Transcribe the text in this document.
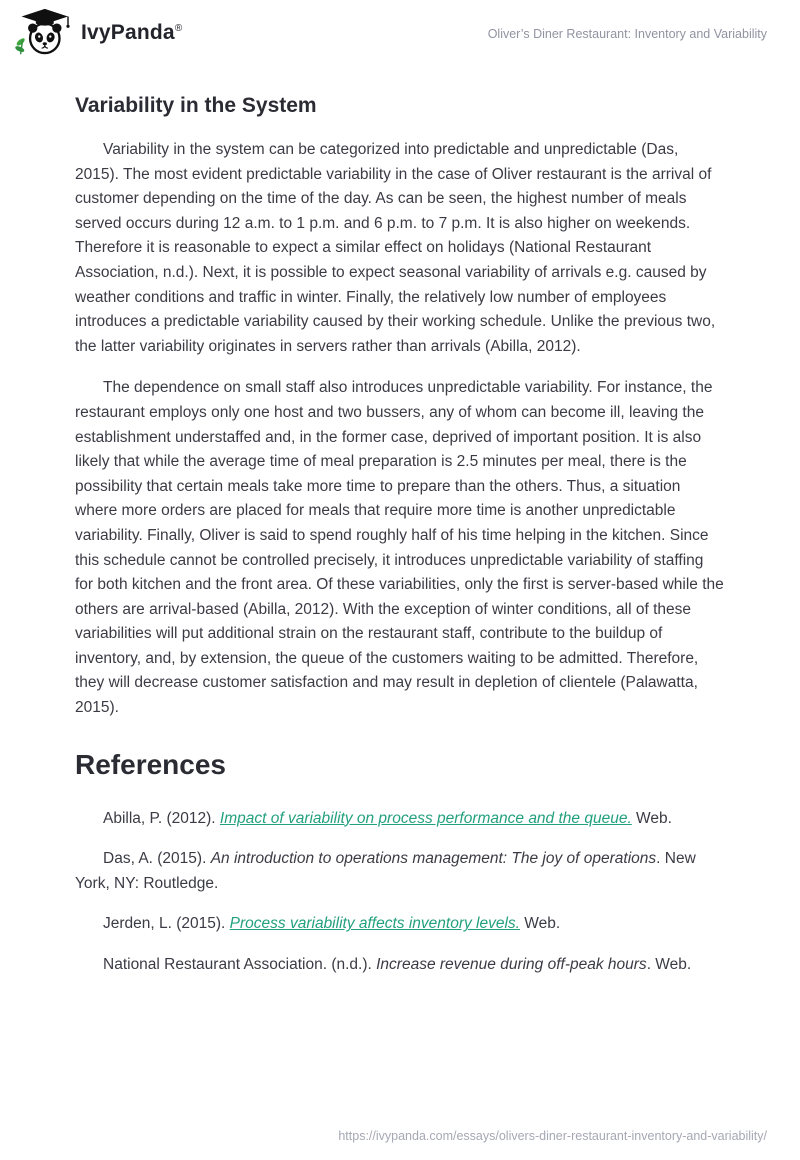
IvyPanda®	Oliver’s Diner Restaurant: Inventory and Variability
Variability in the System

Variability in the system can be categorized into predictable and unpredictable (Das, 2015). The most evident predictable variability in the case of Oliver restaurant is the arrival of customer depending on the time of the day. As can be seen, the highest number of meals served occurs during 12 a.m. to 1 p.m. and 6 p.m. to 7 p.m. It is also higher on weekends. Therefore it is reasonable to expect a similar effect on holidays (National Restaurant Association, n.d.). Next, it is possible to expect seasonal variability of arrivals e.g. caused by weather conditions and traffic in winter. Finally, the relatively low number of employees introduces a predictable variability caused by their working schedule. Unlike the previous two, the latter variability originates in servers rather than arrivals (Abilla, 2012).

The dependence on small staff also introduces unpredictable variability. For instance, the restaurant employs only one host and two bussers, any of whom can become ill, leaving the establishment understaffed and, in the former case, deprived of important position. It is also likely that while the average time of meal preparation is 2.5 minutes per meal, there is the possibility that certain meals take more time to prepare than the others. Thus, a situation where more orders are placed for meals that require more time is another unpredictable variability. Finally, Oliver is said to spend roughly half of his time helping in the kitchen. Since this schedule cannot be controlled precisely, it introduces unpredictable variability of staffing for both kitchen and the front area. Of these variabilities, only the first is server-based while the others are arrival-based (Abilla, 2012). With the exception of winter conditions, all of these variabilities will put additional strain on the restaurant staff, contribute to the buildup of inventory, and, by extension, the queue of the customers waiting to be admitted. Therefore, they will decrease customer satisfaction and may result in depletion of clientele (Palawatta, 2015).

References

Abilla, P. (2012). Impact of variability on process performance and the queue. Web.

Das, A. (2015). An introduction to operations management: The joy of operations. New York, NY: Routledge.

Jerden, L. (2015). Process variability affects inventory levels. Web.

National Restaurant Association. (n.d.). Increase revenue during off-peak hours. Web.

https://ivypanda.com/essays/olivers-diner-restaurant-inventory-and-variability/
